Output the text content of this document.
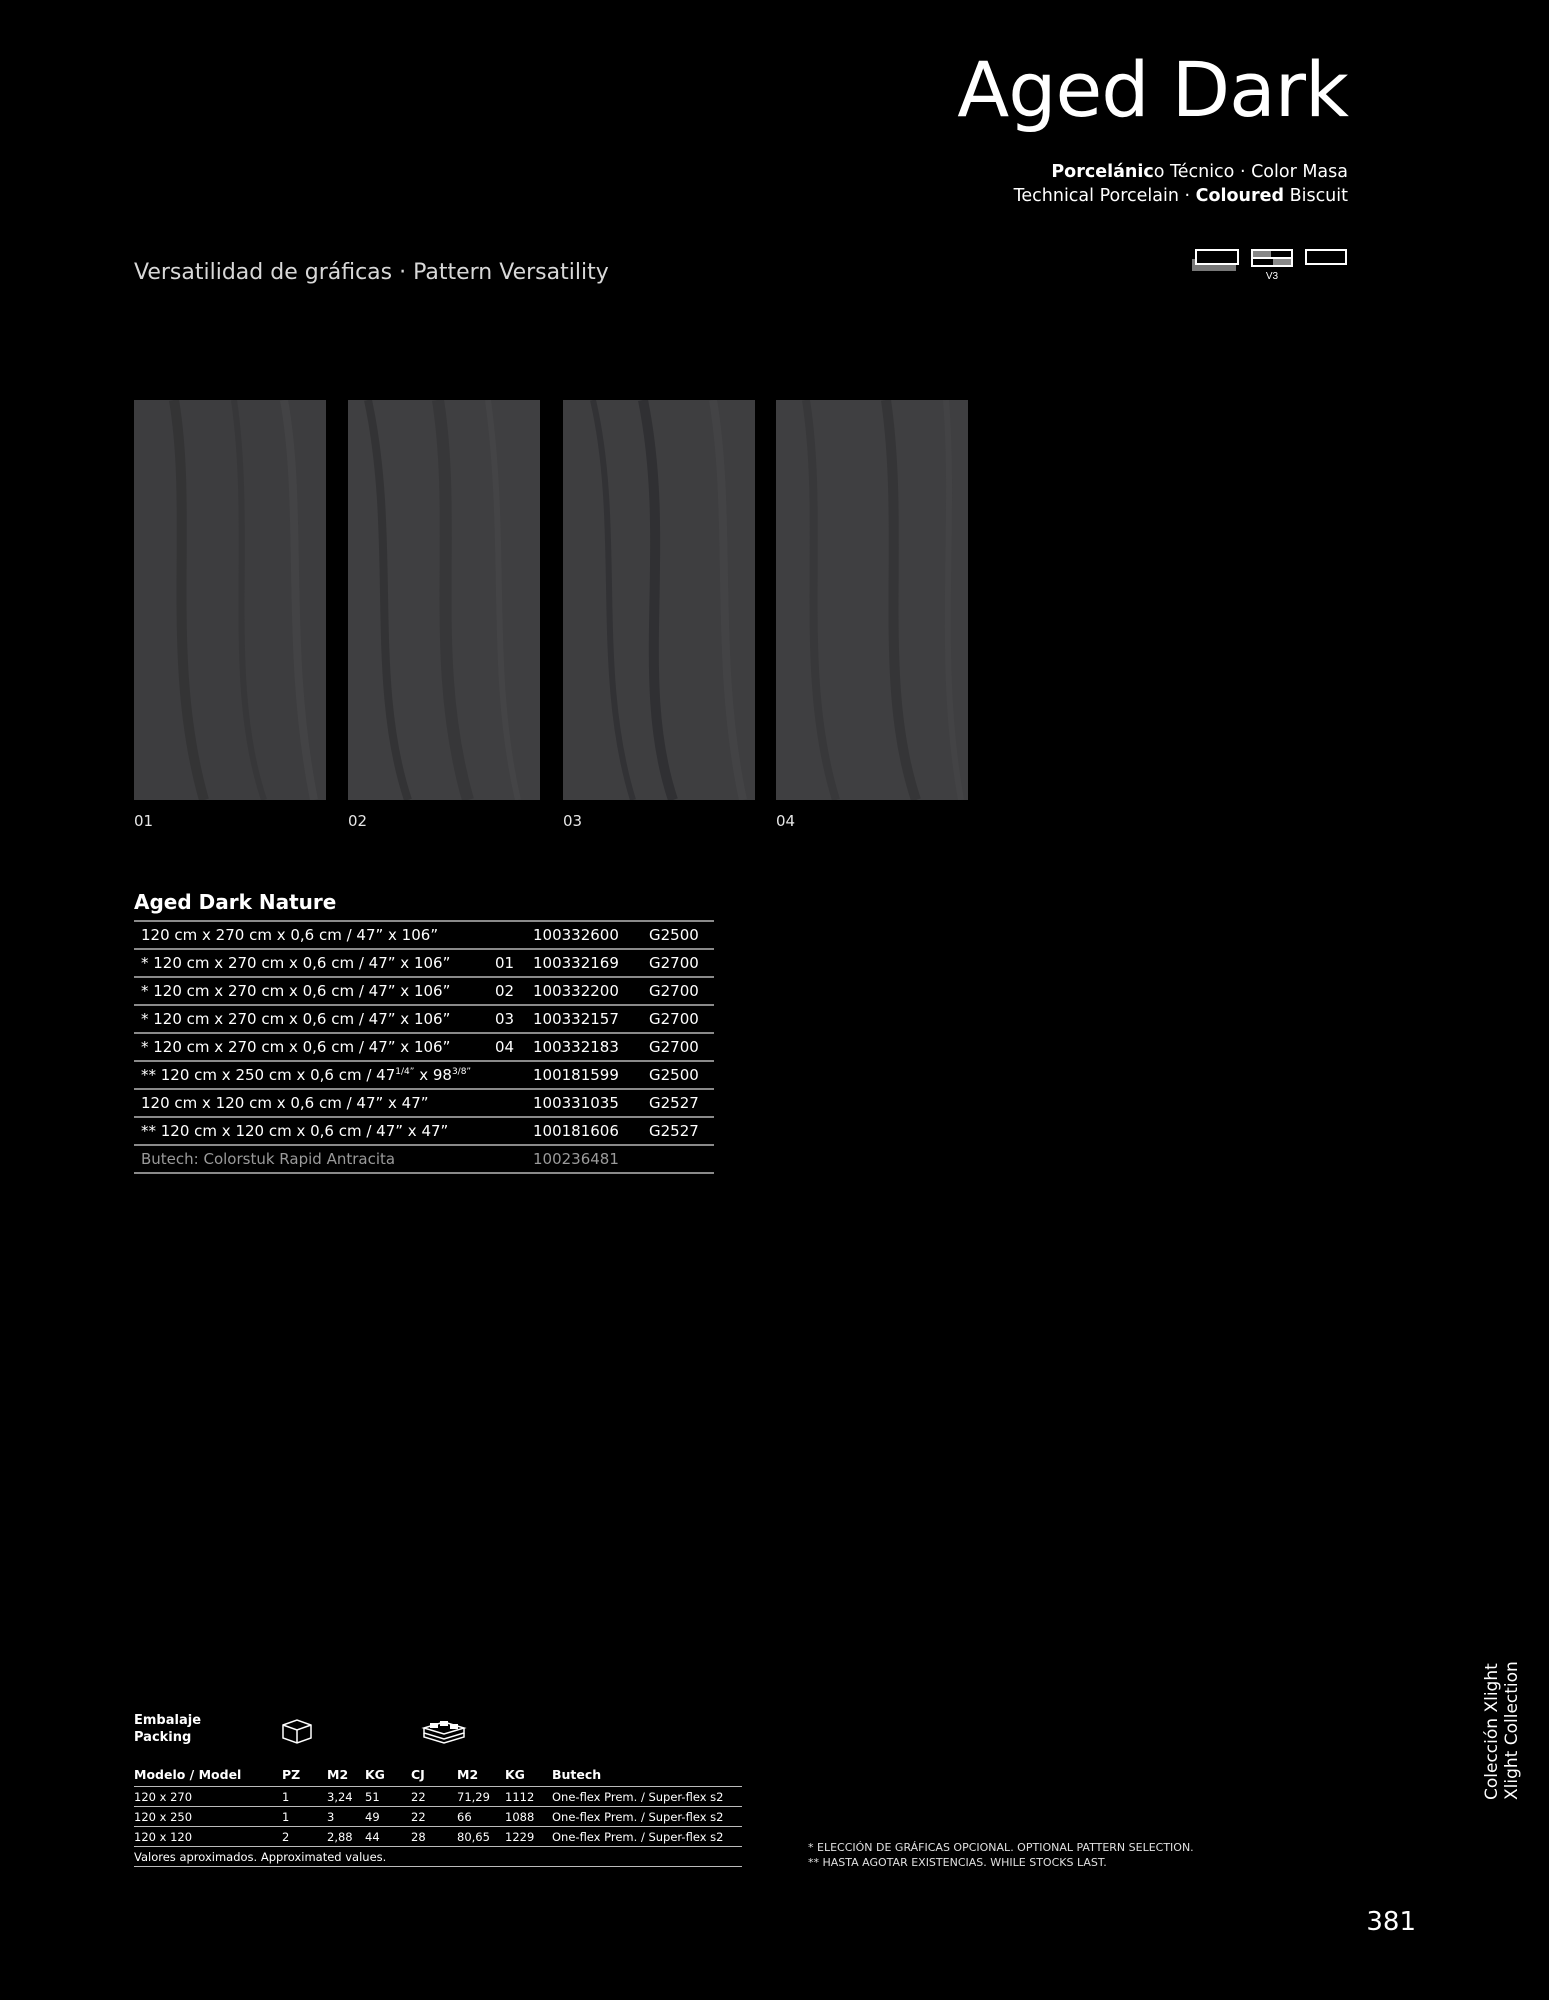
Aged Dark
Porcelánico Técnico · Color Masa
Technical Porcelain · Coloured Biscuit
V3
Versatilidad de gráficas · Pattern Versatility
01	02	03	04
Aged Dark Nature
120 cm x 270 cm x 0,6 cm / 47” x 106”		100332600	G2500
* 120 cm x 270 cm x 0,6 cm / 47” x 106”	01	100332169	G2700
* 120 cm x 270 cm x 0,6 cm / 47” x 106”	02	100332200	G2700
* 120 cm x 270 cm x 0,6 cm / 47” x 106”	03	100332157	G2700
* 120 cm x 270 cm x 0,6 cm / 47” x 106”	04	100332183	G2700
** 120 cm x 250 cm x 0,6 cm / $47^{1/4”}$ x $98^{3/8”}$		100181599	G2500
120 cm x 120 cm x 0,6 cm / 47” x 47”		100331035	G2527
** 120 cm x 120 cm x 0,6 cm / 47” x 47”		100181606	G2527
Butech: Colorstuk Rapid Antracita		100236481	
Embalaje
Packing
Modelo / Model	PZ	M2	KG	CJ	M2	KG	Butech
120 x 270	1	3,24	51	22	71,29	1112	One-flex Prem. / Super-flex s2
120 x 250	1	3	49	22	66	1088	One-flex Prem. / Super-flex s2
120 x 120	2	2,88	44	28	80,65	1229	One-flex Prem. / Super-flex s2
Valores aproximados. Approximated values.							
* ELECCIÓN DE GRÁFICAS OPCIONAL. OPTIONAL PATTERN SELECTION.
** HASTA AGOTAR EXISTENCIAS. WHILE STOCKS LAST.
Colección Xlight Xlight Collection
381
